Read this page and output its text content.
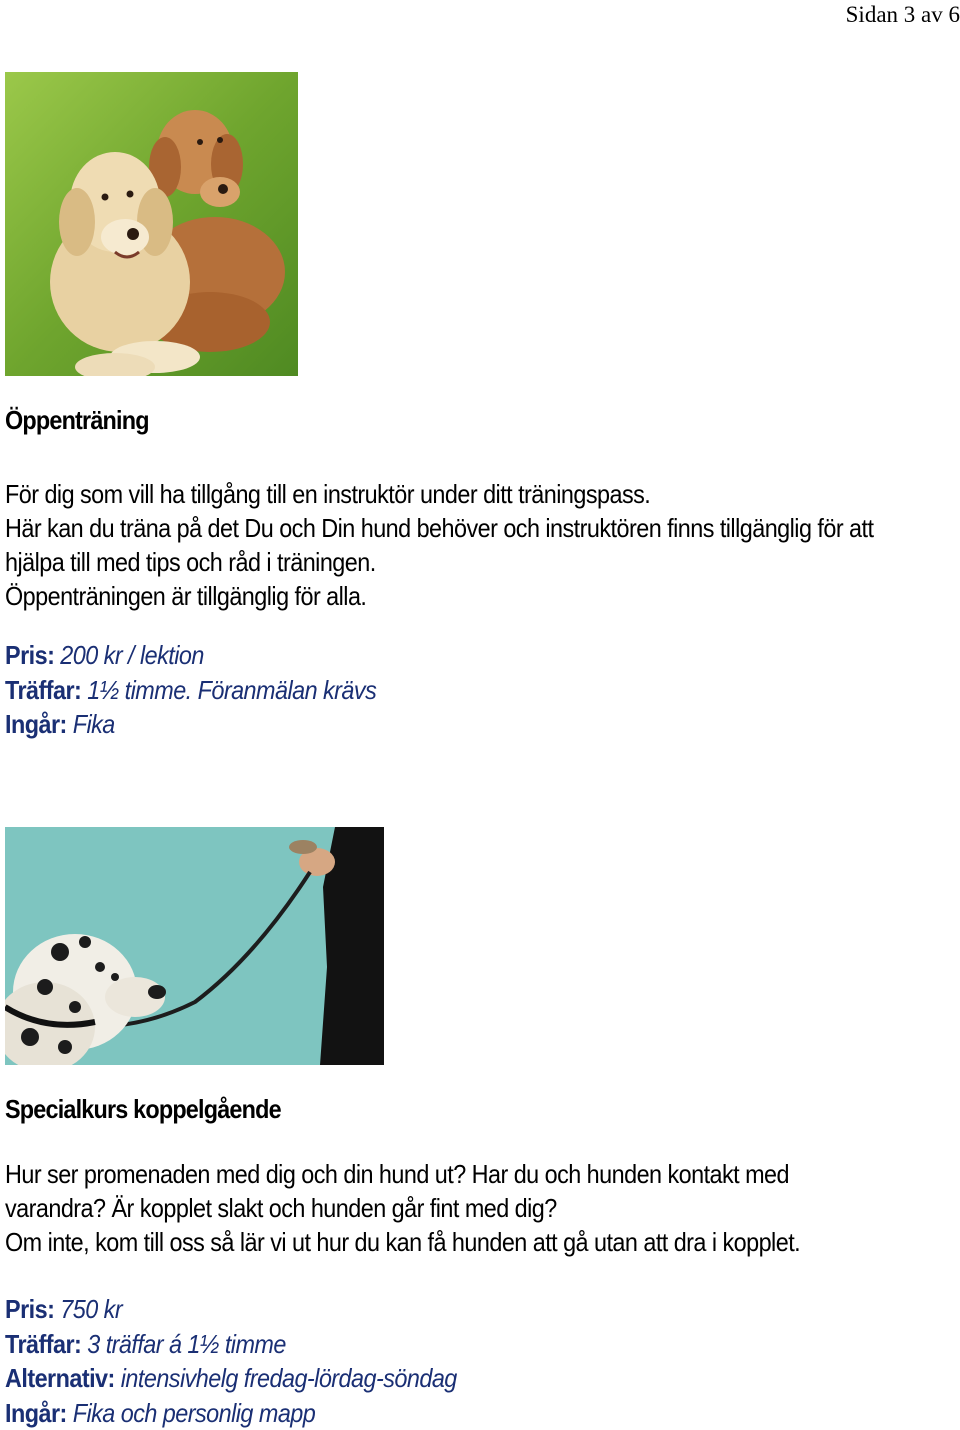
Sidan 3 av 6
Öppenträning
För dig som vill ha tillgång till en instruktör under ditt träningspass.
Här kan du träna på det Du och Din hund behöver och instruktören finns tillgänglig för att
hjälpa till med tips och råd i träningen.
Öppenträningen är tillgänglig för alla.
Pris: 200 kr / lektion
Träffar: 1½ timme. Föranmälan krävs
Ingår: Fika
Specialkurs koppelgående
Hur ser promenaden med dig och din hund ut? Har du och hunden kontakt med
varandra? Är kopplet slakt och hunden går fint med dig?
Om inte, kom till oss så lär vi ut hur du kan få hunden att gå utan att dra i kopplet.
Pris: 750 kr
Träffar: 3 träffar á 1½ timme
Alternativ: intensivhelg fredag-lördag-söndag
Ingår: Fika och personlig mapp
